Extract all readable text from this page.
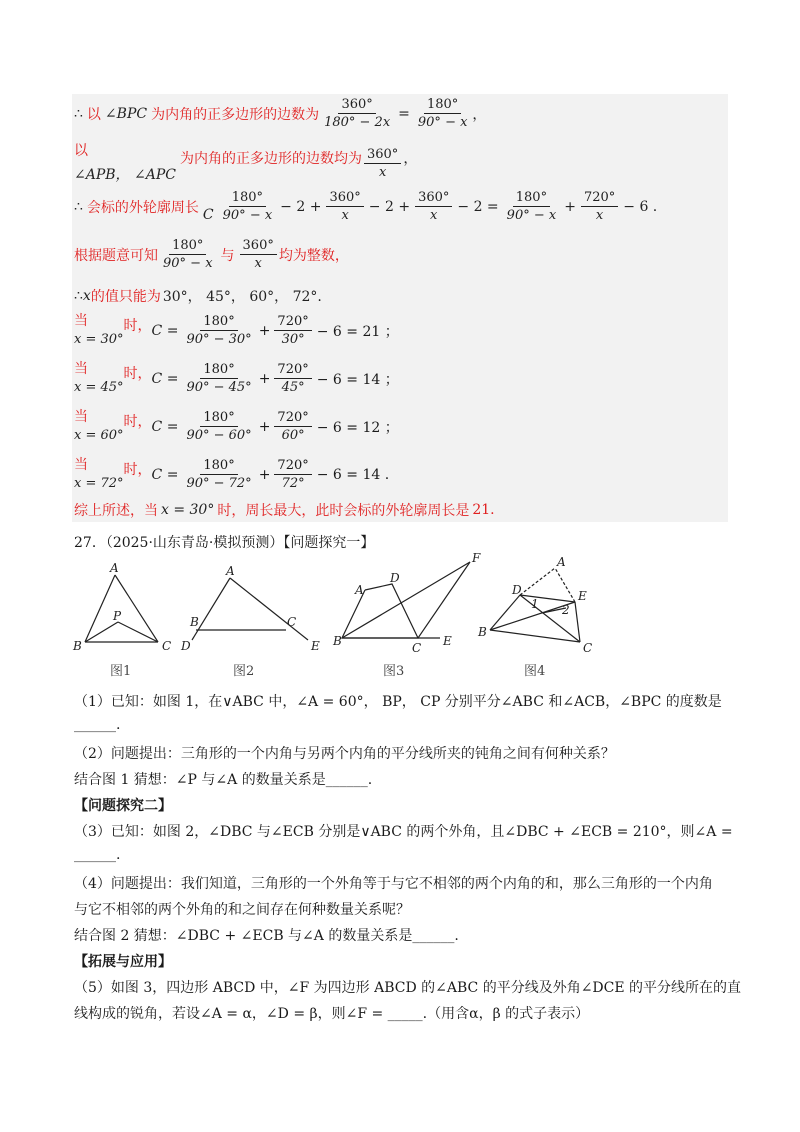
∴ 以 ∠BPC 为内角的正多边形的边数为 $\frac{360^\circ}{180^\circ - 2x} = \frac{180^\circ}{90^\circ - x}$ ，
以
∠APB， ∠APC
为内角的正多边形的边数均为 $\frac{360^\circ}{x}$ ，
∴ 会标的外轮廓周长 C $\frac{180^\circ}{90^\circ - x} - 2 + \frac{360^\circ}{x} - 2 + \frac{360^\circ}{x} - 2 = \frac{180^\circ}{90^\circ - x} + \frac{720^\circ}{x} - 6$ .
根据题意可知 $\frac{180^\circ}{90^\circ - x}$ 与 $\frac{360^\circ}{x}$ 均为整数，
∴ x 的值只能为 30°， 45°， 60°， 72°.
当
x = 30°
时， $C = \frac{180^\circ}{90^\circ - 30^\circ} + \frac{720^\circ}{30^\circ} - 6 = 21$ ；
当
x = 45°
时， $C = \frac{180^\circ}{90^\circ - 45^\circ} + \frac{720^\circ}{45^\circ} - 6 = 14$ ；
当
x = 60°
时， $C = \frac{180^\circ}{90^\circ - 60^\circ} + \frac{720^\circ}{60^\circ} - 6 = 12$ ；
当
x = 72°
时， $C = \frac{180^\circ}{90^\circ - 72^\circ} + \frac{720^\circ}{72^\circ} - 6 = 14$ .
综上所述，当 x = 30° 时，周长最大，此时会标的外轮廓周长是 21 .
27．（2025·山东青岛·模拟预测）【问题探究一】
A
P
B	C
A
B	C
D	E
F
D
A
B	C E
A
D	E
1 2
B
C
图1	图2	图3	图4
（1）已知：如图 1，在∨ABC 中，∠A = 60°， BP， CP 分别平分∠ABC 和∠ACB，∠BPC 的度数是
______.
（2）问题提出：三角形的一个内角与另两个内角的平分线所夹的钝角之间有何种关系？
结合图 1 猜想：∠P 与∠A 的数量关系是______.
【问题探究二】
（3）已知：如图 2，∠DBC 与∠ECB 分别是∨ABC 的两个外角，且∠DBC + ∠ECB = 210°，则∠A =
______.
（4）问题提出：我们知道，三角形的一个外角等于与它不相邻的两个内角的和，那么三角形的一个内角
与它不相邻的两个外角的和之间存在何种数量关系呢？
结合图 2 猜想：∠DBC + ∠ECB 与∠A 的数量关系是______.
【拓展与应用】
（5）如图 3，四边形 ABCD 中，∠F 为四边形 ABCD 的∠ABC 的平分线及外角∠DCE 的平分线所在的直
线构成的锐角，若设∠A = α，∠D = β，则∠F = _____.（用含α，β 的式子表示）
